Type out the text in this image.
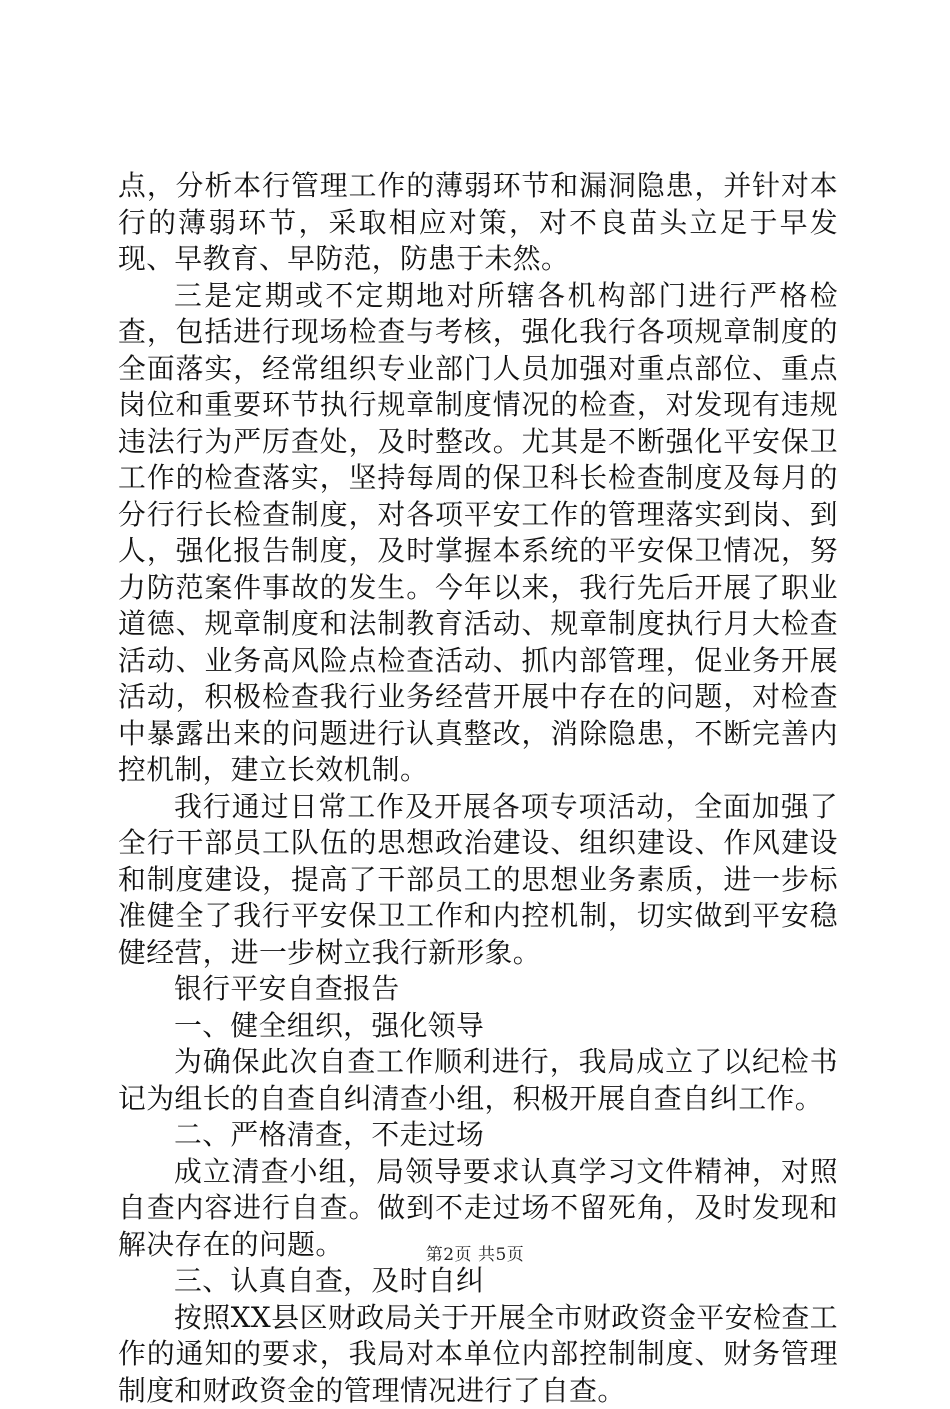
点，分析本行管理工作的薄弱环节和漏洞隐患，并针对本行的薄弱环节，采取相应对策，对不良苗头立足于早发现、早教育、早防范，防患于未然。

三是定期或不定期地对所辖各机构部门进行严格检查，包括进行现场检查与考核，强化我行各项规章制度的全面落实，经常组织专业部门人员加强对重点部位、重点岗位和重要环节执行规章制度情况的检查，对发现有违规违法行为严厉查处，及时整改。尤其是不断强化平安保卫工作的检查落实，坚持每周的保卫科长检查制度及每月的分行行长检查制度，对各项平安工作的管理落实到岗、到人，强化报告制度，及时掌握本系统的平安保卫情况，努力防范案件事故的发生。今年以来，我行先后开展了职业道德、规章制度和法制教育活动、规章制度执行月大检查活动、业务高风险点检查活动、抓内部管理，促业务开展活动，积极检查我行业务经营开展中存在的问题，对检查中暴露出来的问题进行认真整改，消除隐患，不断完善内控机制，建立长效机制。

我行通过日常工作及开展各项专项活动，全面加强了全行干部员工队伍的思想政治建设、组织建设、作风建设和制度建设，提高了干部员工的思想业务素质，进一步标准健全了我行平安保卫工作和内控机制，切实做到平安稳健经营，进一步树立我行新形象。

银行平安自查报告

一、健全组织，强化领导

为确保此次自查工作顺利进行，我局成立了以纪检书记为组长的自查自纠清查小组，积极开展自查自纠工作。

二、严格清查，不走过场

成立清查小组，局领导要求认真学习文件精神，对照自查内容进行自查。做到不走过场不留死角，及时发现和解决存在的问题。

三、认真自查，及时自纠

按照XX县区财政局关于开展全市财政资金平安检查工作的通知的要求，我局对本单位内部控制制度、财务管理制度和财政资金的管理情况进行了自查。

第2页 共5页
